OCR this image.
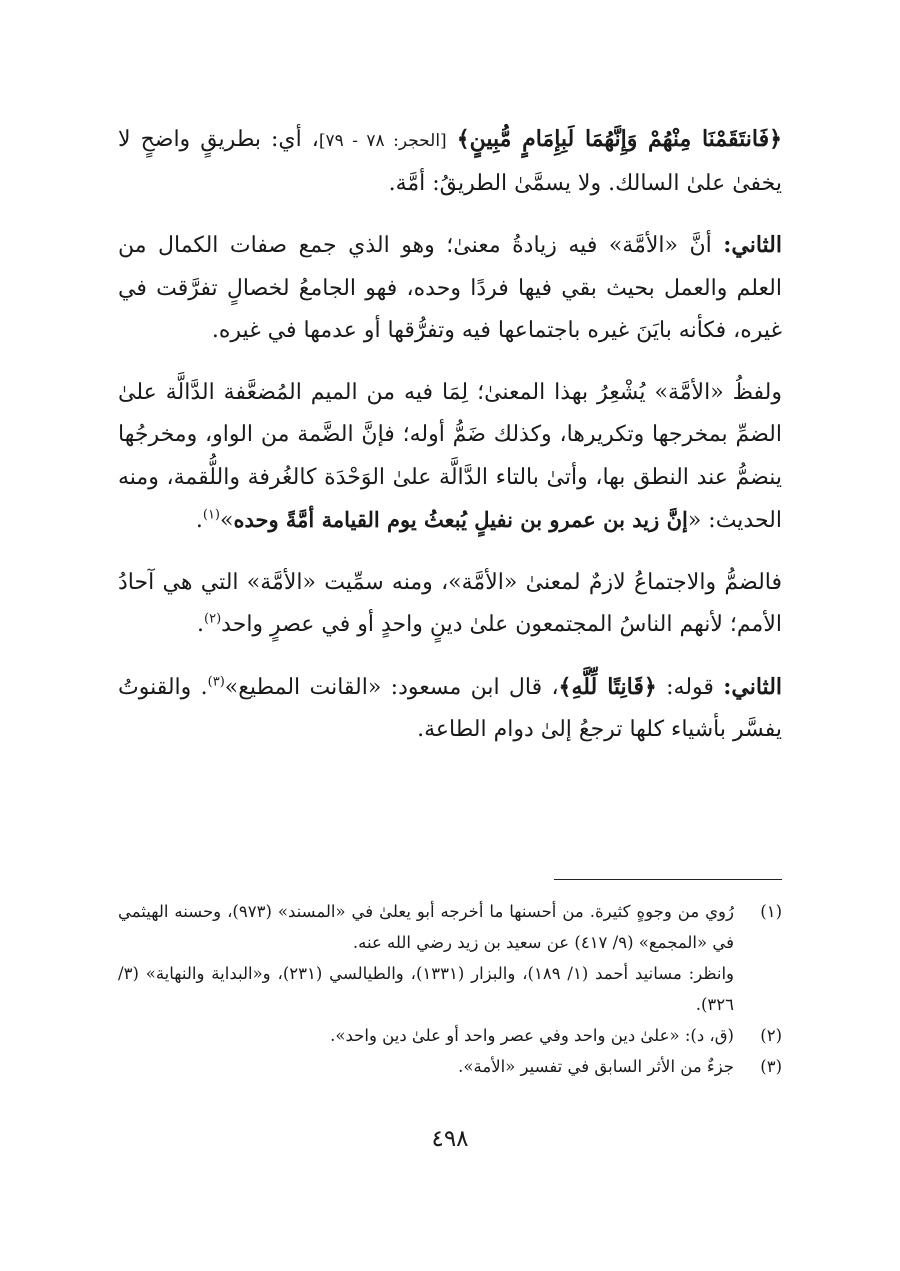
﴿فَانتَقَمْنَا مِنْهُمْ وَإِنَّهُمَا لَبِإِمَامٍ مُّبِينٍ﴾ [الحجر: ٧٨ - ٧٩]، أي: بطريقٍ واضحٍ لا يخفىٰ علىٰ السالك. ولا يسمَّىٰ الطريقُ: أمَّة.

الثاني: أنَّ «الأمَّة» فيه زيادةُ معنىٰ؛ وهو الذي جمع صفات الكمال من العلم والعمل بحيث بقي فيها فردًا وحده، فهو الجامعُ لخصالٍ تفرَّقت في غيره، فكأنه بايَنَ غيره باجتماعها فيه وتفرُّقها أو عدمها في غيره.

ولفظُ «الأمَّة» يُشْعِرُ بهذا المعنىٰ؛ لِمَا فيه من الميم المُضعَّفة الدَّالَّة علىٰ الضمِّ بمخرجها وتكريرها، وكذلك ضَمُّ أوله؛ فإنَّ الضَّمة من الواو، ومخرجُها ينضمُّ عند النطق بها، وأتىٰ بالتاء الدَّالَّة علىٰ الوَحْدَة كالغُرفة واللُّقمة، ومنه الحديث: «إنَّ زيد بن عمرو بن نفيلٍ يُبعثُ يوم القيامة أمَّةً وحده»$^{(١)}$.

فالضمُّ والاجتماعُ لازمٌ لمعنىٰ «الأمَّة»، ومنه سمِّيت «الأمَّة» التي هي آحادُ الأمم؛ لأنهم الناسُ المجتمعون علىٰ دينٍ واحدٍ أو في عصرٍ واحد$^{(٢)}$.

الثاني: قوله: ﴿قَانِتًا لِّلَّهِ﴾، قال ابن مسعود: «القانت المطيع»$^{(٣)}$. والقنوتُ يفسَّر بأشياء كلها ترجعُ إلىٰ دوام الطاعة.

(١)
رُوي من وجوهٍ كثيرة. من أحسنها ما أخرجه أبو يعلىٰ في «المسند» (٩٧٣)، وحسنه الهيثمي في «المجمع» (٩/ ٤١٧) عن سعيد بن زيد رضي الله عنه.
وانظر: مسانيد أحمد (١/ ١٨٩)، والبزار (١٣٣١)، والطيالسي (٢٣١)، و«البداية والنهاية» (٣/ ٣٢٦).
(٢)
(ق، د): «علىٰ دين واحد وفي عصر واحد أو علىٰ دين واحد».
(٣)
جزءٌ من الأثر السابق في تفسير «الأمة».
٤٩٨
